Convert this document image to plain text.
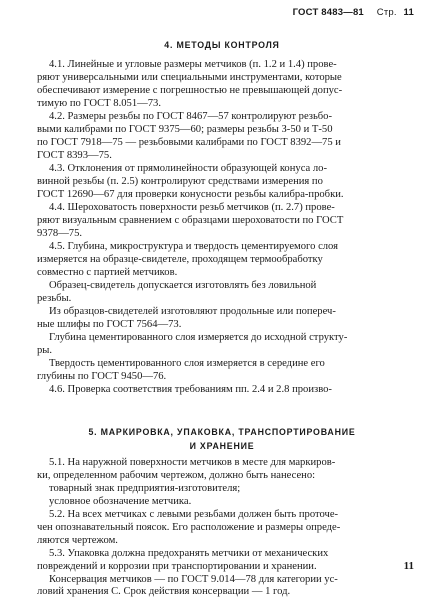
ГОСТ 8483—81 Стр. 11
4. МЕТОДЫ КОНТРОЛЯ
4.1. Линейные и угловые размеры метчиков (п. 1.2 и 1.4) прове-
ряют универсальными или специальными инструментами, которые
обеспечивают измерение с погрешностью не превышающей допус-
тимую по ГОСТ 8.051—73.
4.2. Размеры резьбы по ГОСТ 8467—57 контролируют резьбо-
выми калибрами по ГОСТ 9375—60; размеры резьбы З-50 и Т-50
по ГОСТ 7918—75 — резьбовыми калибрами по ГОСТ 8392—75 и
ГОСТ 8393—75.
4.3. Отклонения от прямолинейности образующей конуса ло-
винной резьбы (п. 2.5) контролируют средствами измерения по
ГОСТ 12690—67 для проверки конусности резьбы калибра-пробки.
4.4. Шероховатость поверхности резьб метчиков (п. 2.7) прове-
ряют визуальным сравнением с образцами шероховатости по ГОСТ
9378—75.
4.5. Глубина, микроструктура и твердость цементируемого слоя
измеряется на образце-свидетеле, проходящем термообработку
совместно с партией метчиков.
Образец-свидетель допускается изготовлять без ловильной
резьбы.
Из образцов-свидетелей изготовляют продольные или попереч-
ные шлифы по ГОСТ 7564—73.
Глубина цементированного слоя измеряется до исходной структу-
ры.
Твердость цементированного слоя измеряется в середине его
глубины по ГОСТ 9450—76.
4.6. Проверка соответствия требованиям пп. 2.4 и 2.8 произво-
5. МАРКИРОВКА, УПАКОВКА, ТРАНСПОРТИРОВАНИЕ
И ХРАНЕНИЕ
5.1. На наружной поверхности метчиков в месте для маркиров-
ки, определенном рабочим чертежом, должно быть нанесено:
товарный знак предприятия-изготовителя;
условное обозначение метчика.
5.2. На всех метчиках с левыми резьбами должен быть проточе-
чен опознавательный поясок. Его расположение и размеры опреде-
ляются чертежом.
5.3. Упаковка должна предохранять метчики от механических
повреждений и коррозии при транспортировании и хранении.
Консервация метчиков — по ГОСТ 9.014—78 для категории ус-
ловий хранения С. Срок действия консервации — 1 год.
11
